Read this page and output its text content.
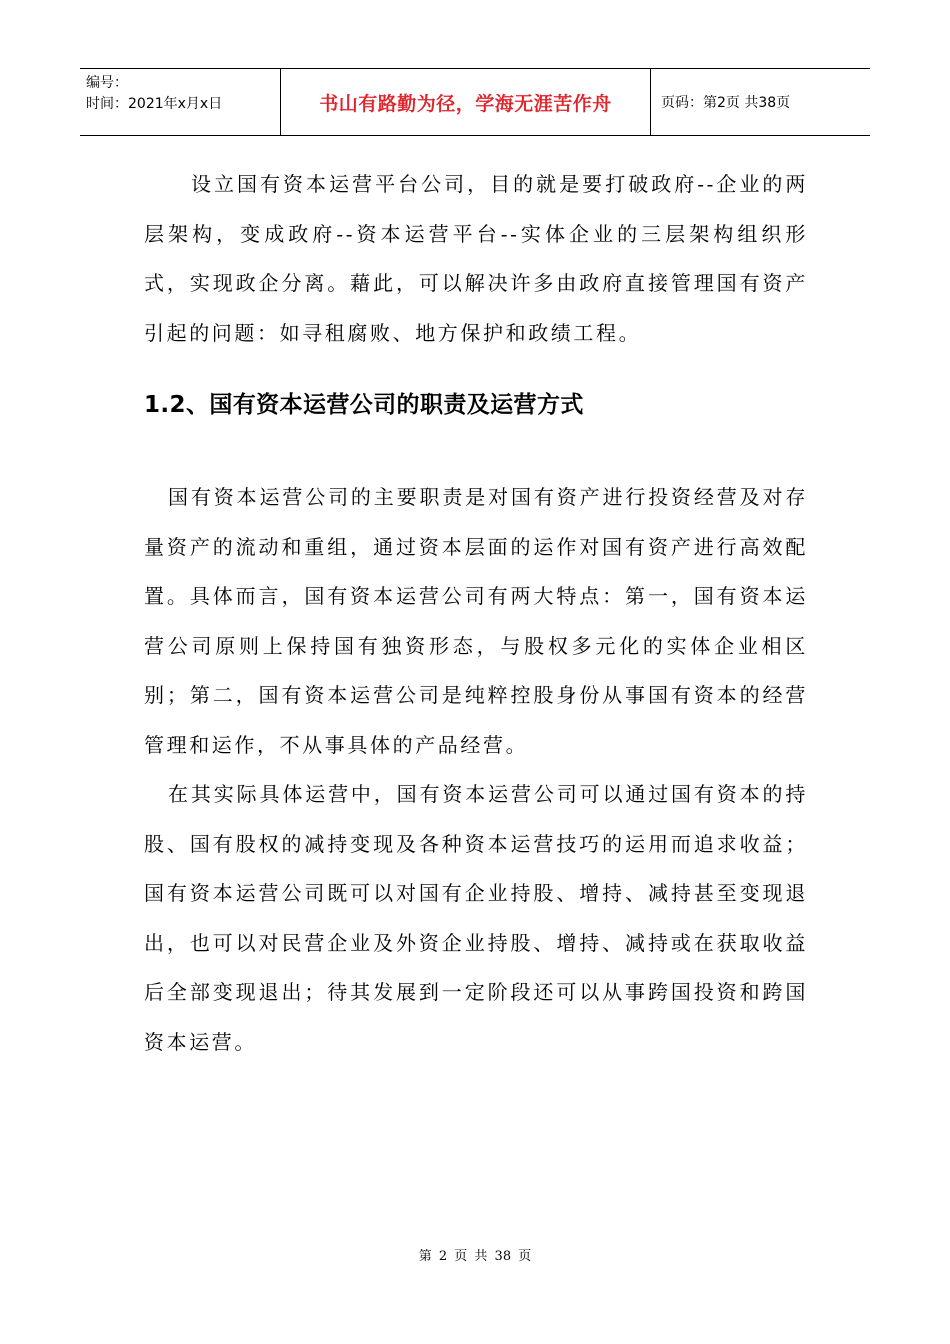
编号：
时间：2021年x月x日	书山有路勤为径，学海无涯苦作舟	页码：第2页 共38页

设立国有资本运营平台公司，目的就是要打破政府--企业的两层架构，变成政府--资本运营平台--实体企业的三层架构组织形式，实现政企分离。藉此，可以解决许多由政府直接管理国有资产引起的问题：如寻租腐败、地方保护和政绩工程。

1.2、国有资本运营公司的职责及运营方式

国有资本运营公司的主要职责是对国有资产进行投资经营及对存量资产的流动和重组，通过资本层面的运作对国有资产进行高效配置。具体而言，国有资本运营公司有两大特点：第一，国有资本运营公司原则上保持国有独资形态，与股权多元化的实体企业相区别；第二，国有资本运营公司是纯粹控股身份从事国有资本的经营管理和运作，不从事具体的产品经营。

在其实际具体运营中，国有资本运营公司可以通过国有资本的持股、国有股权的减持变现及各种资本运营技巧的运用而追求收益；国有资本运营公司既可以对国有企业持股、增持、减持甚至变现退出，也可以对民营企业及外资企业持股、增持、减持或在获取收益后全部变现退出；待其发展到一定阶段还可以从事跨国投资和跨国资本运营。

第 2 页 共 38 页
